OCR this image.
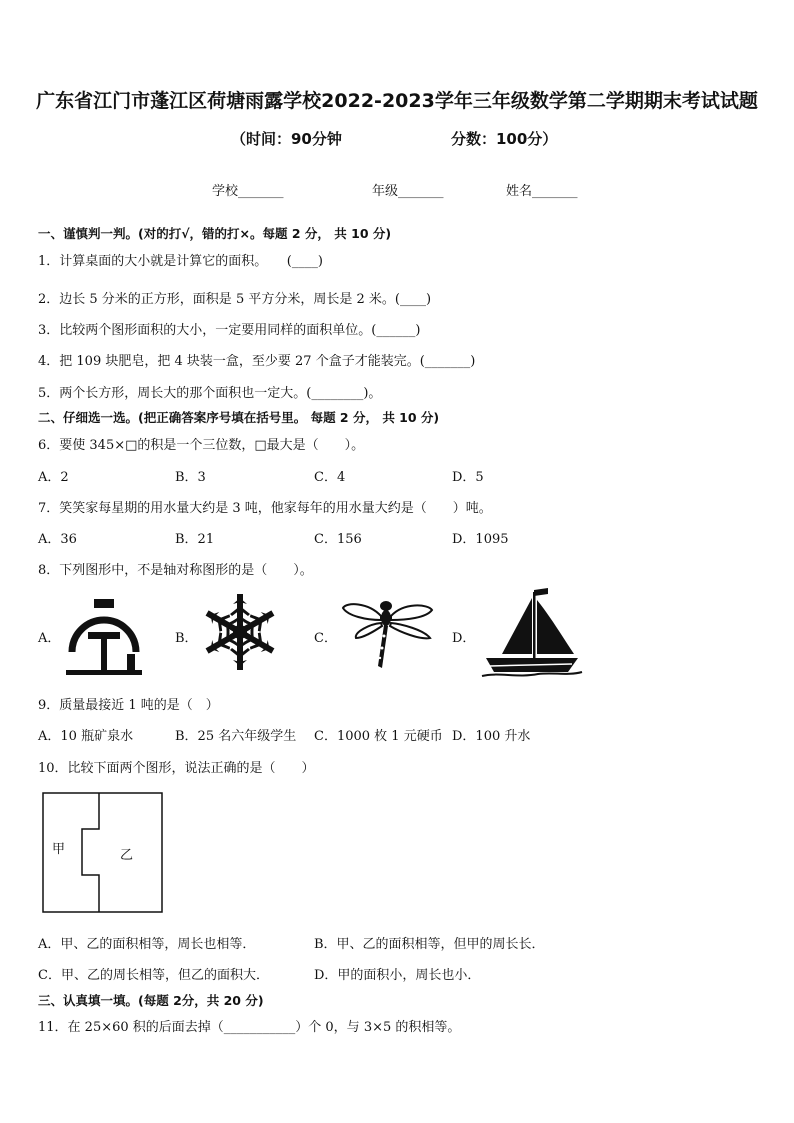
广东省江门市蓬江区荷塘雨露学校2022-2023学年三年级数学第二学期期末考试试题
（时间：90分钟	分数：100分）
学校_______	年级_______	姓名_______
一、谨慎判一判。(对的打√，错的打×。每题 2 分， 共 10 分)
1．计算桌面的大小就是计算它的面积。　　(____)
2．边长 5 分米的正方形，面积是 5 平方分米，周长是 2 米。(____)
3．比较两个图形面积的大小，一定要用同样的面积单位。(______)
4．把 109 块肥皂，把 4 块装一盒，至少要 27 个盒子才能装完。(_______)
5．两个长方形，周长大的那个面积也一定大。(________)。
二、仔细选一选。(把正确答案序号填在括号里。 每题 2 分， 共 10 分)
6．要使 345×□的积是一个三位数，□最大是（　　）。
A．2	B．3	C．4	D．5
7．笑笑家每星期的用水量大约是 3 吨，他家每年的用水量大约是（　　）吨。
A．36	B．21	C．156	D．1095
8．下列图形中，不是轴对称图形的是（　　）。
A．	B．	C．	D．
9．质量最接近 1 吨的是（　）
A．10 瓶矿泉水	B．25 名六年级学生 C．1000 枚 1 元硬币 D．100 升水
10．比较下面两个图形，说法正确的是（　　）
甲	乙
A．甲、乙的面积相等，周长也相等．	B．甲、乙的面积相等，但甲的周长长．
C．甲、乙的周长相等，但乙的面积大．	D．甲的面积小，周长也小．
三、认真填一填。(每题 2分，共 20 分)
11．在 25×60 积的后面去掉（___________）个 0，与 3×5 的积相等。
